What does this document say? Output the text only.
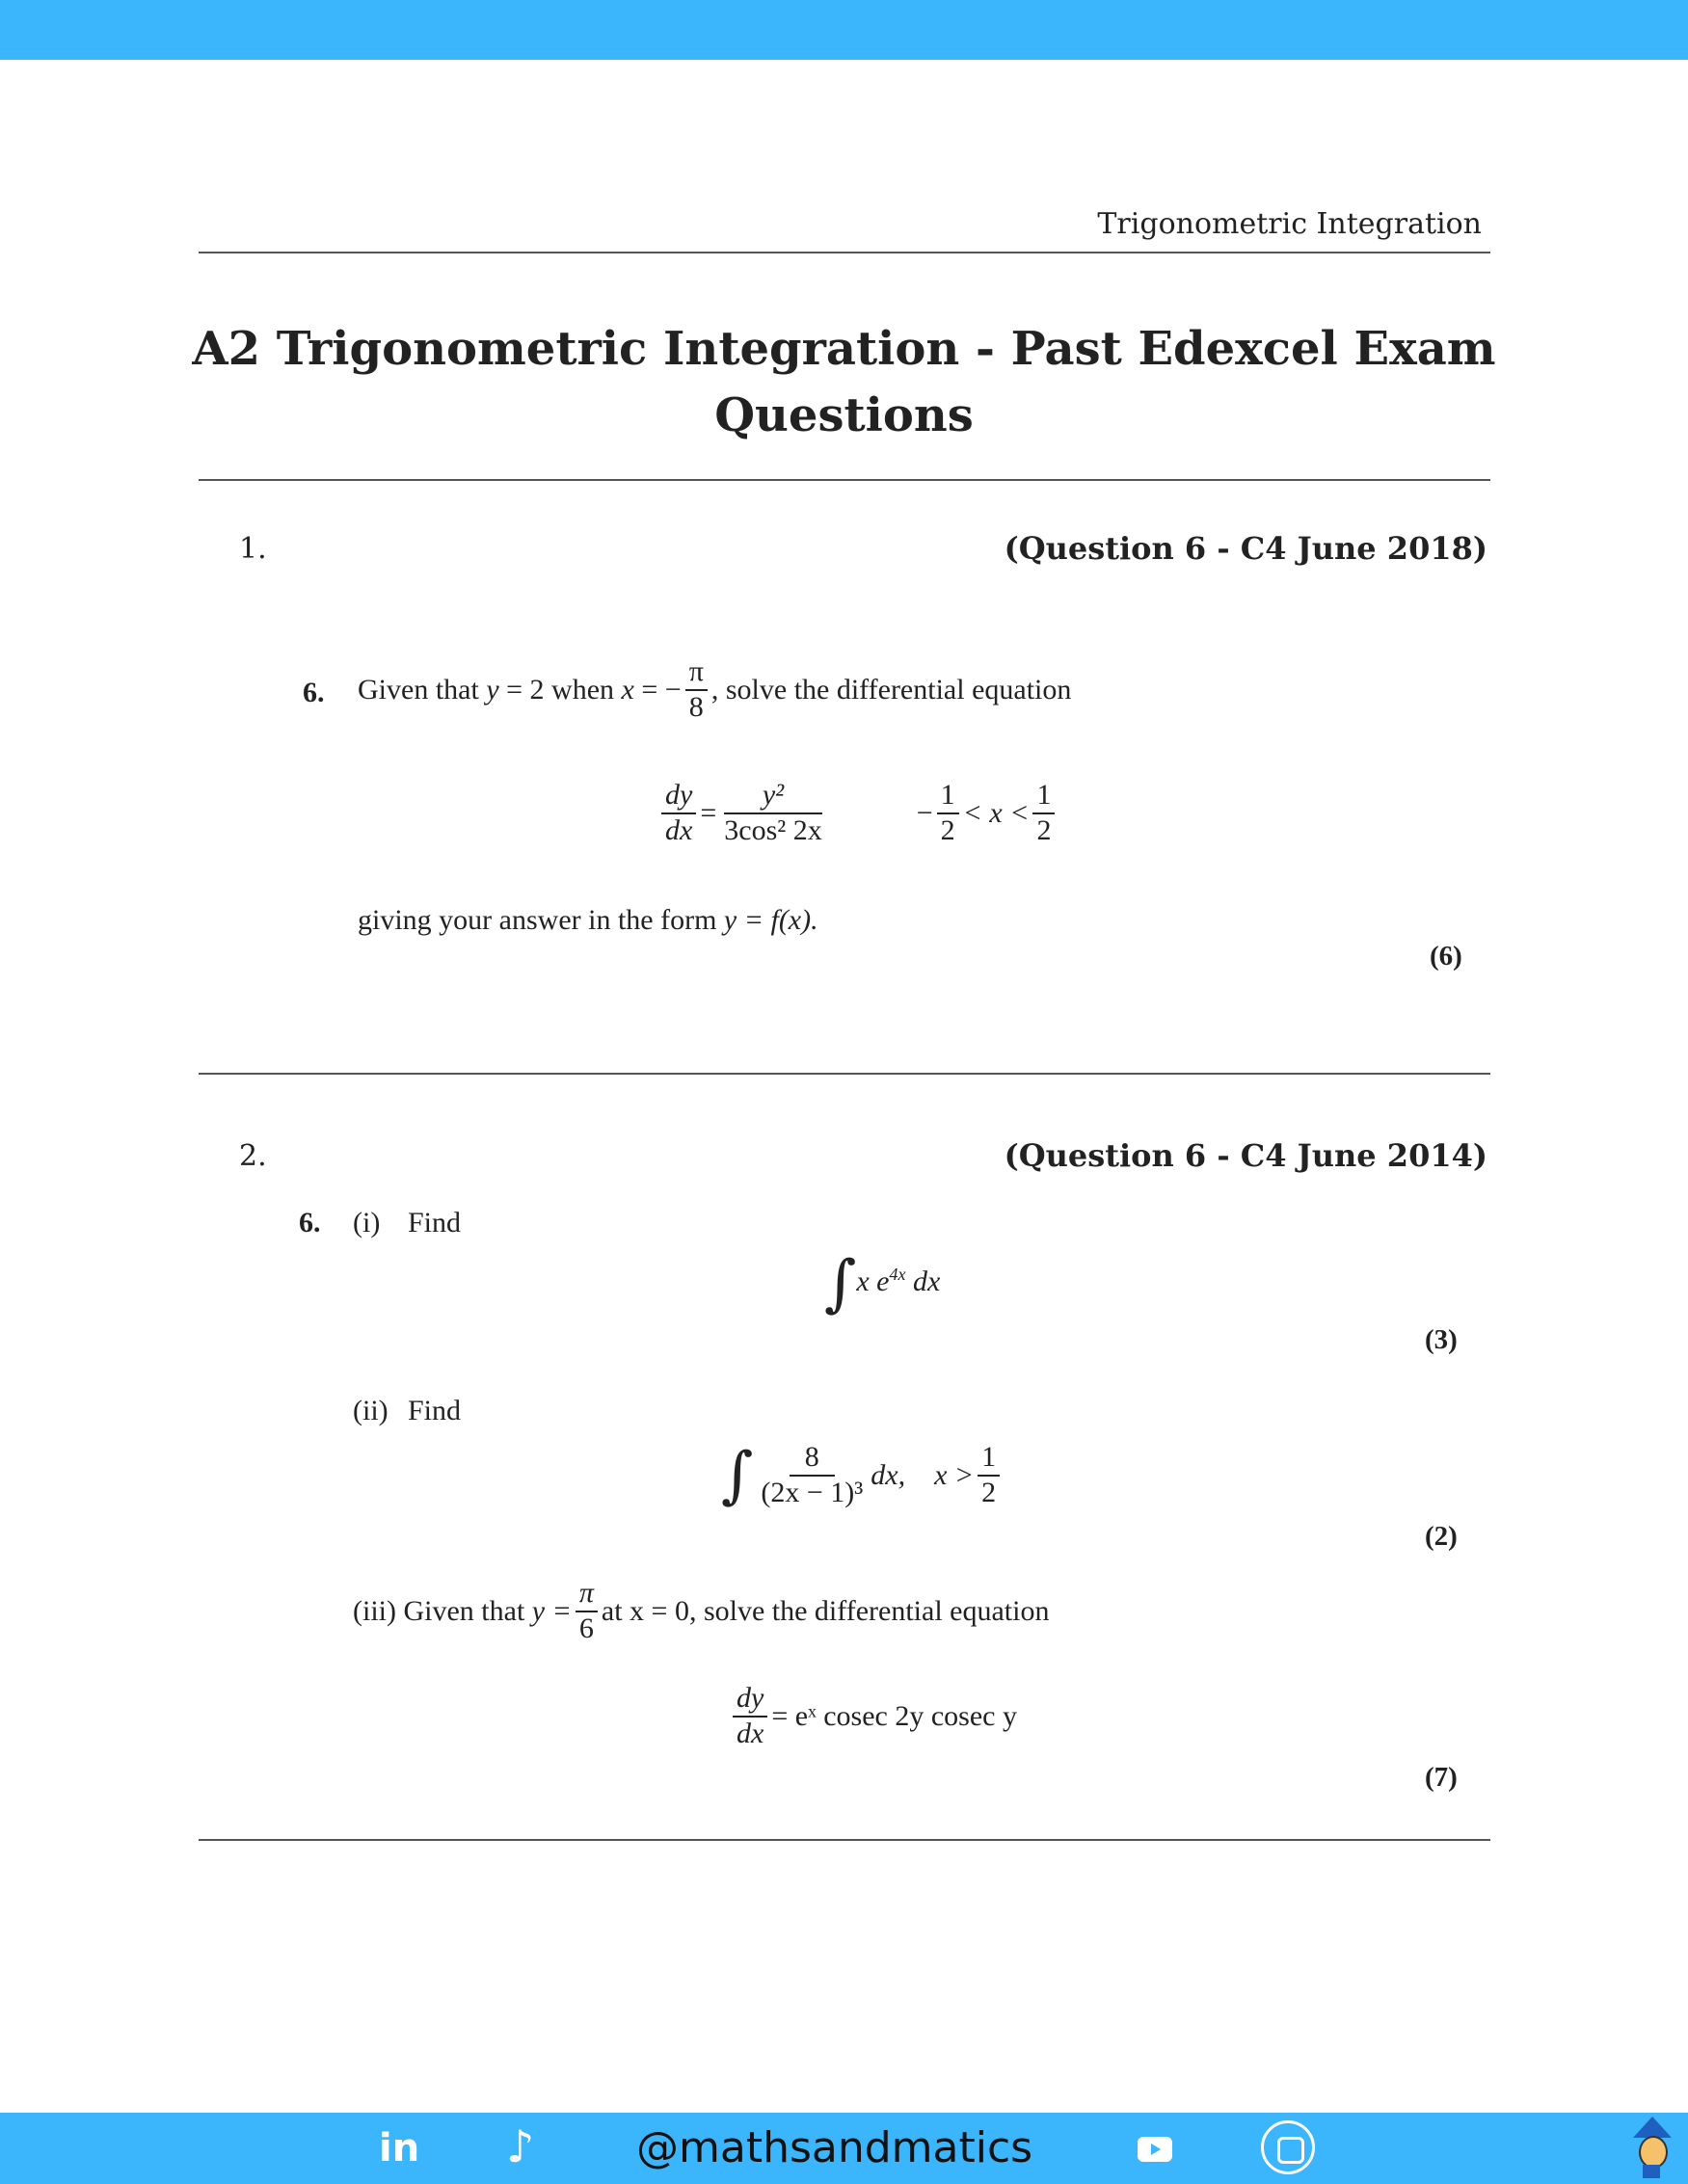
Trigonometric Integration
A2 Trigonometric Integration - Past Edexcel Exam
Questions
1.	(Question 6 - C4 June 2018)
6. Given that
y
= 2 when
x
= − $\frac{\pi}{8}$ , solve the differential equation
$\frac{dy}{dx} = \frac{\text{y²}}{\text{3cos² 2x}}$	− $\frac{1}{2} < x < \frac{1}{2}$
giving your answer in the form y = f(x).
(6)
2.	(Question 6 - C4 June 2014)
6. (i) Find
∫x $e^{4x}$ dx
(3)
(ii) Find
∫ $\frac{8}{\text{(2x − 1)³}}$ dx, $x > \frac{1}{2}$
(2)
(iii) Given that
$y = \frac{\pi}{6}$ at x = 0, solve the differential equation
$\frac{dy}{dx}$ = eˣ cosec 2y cosec y
(7)
in ♪ @mathsandmatics
